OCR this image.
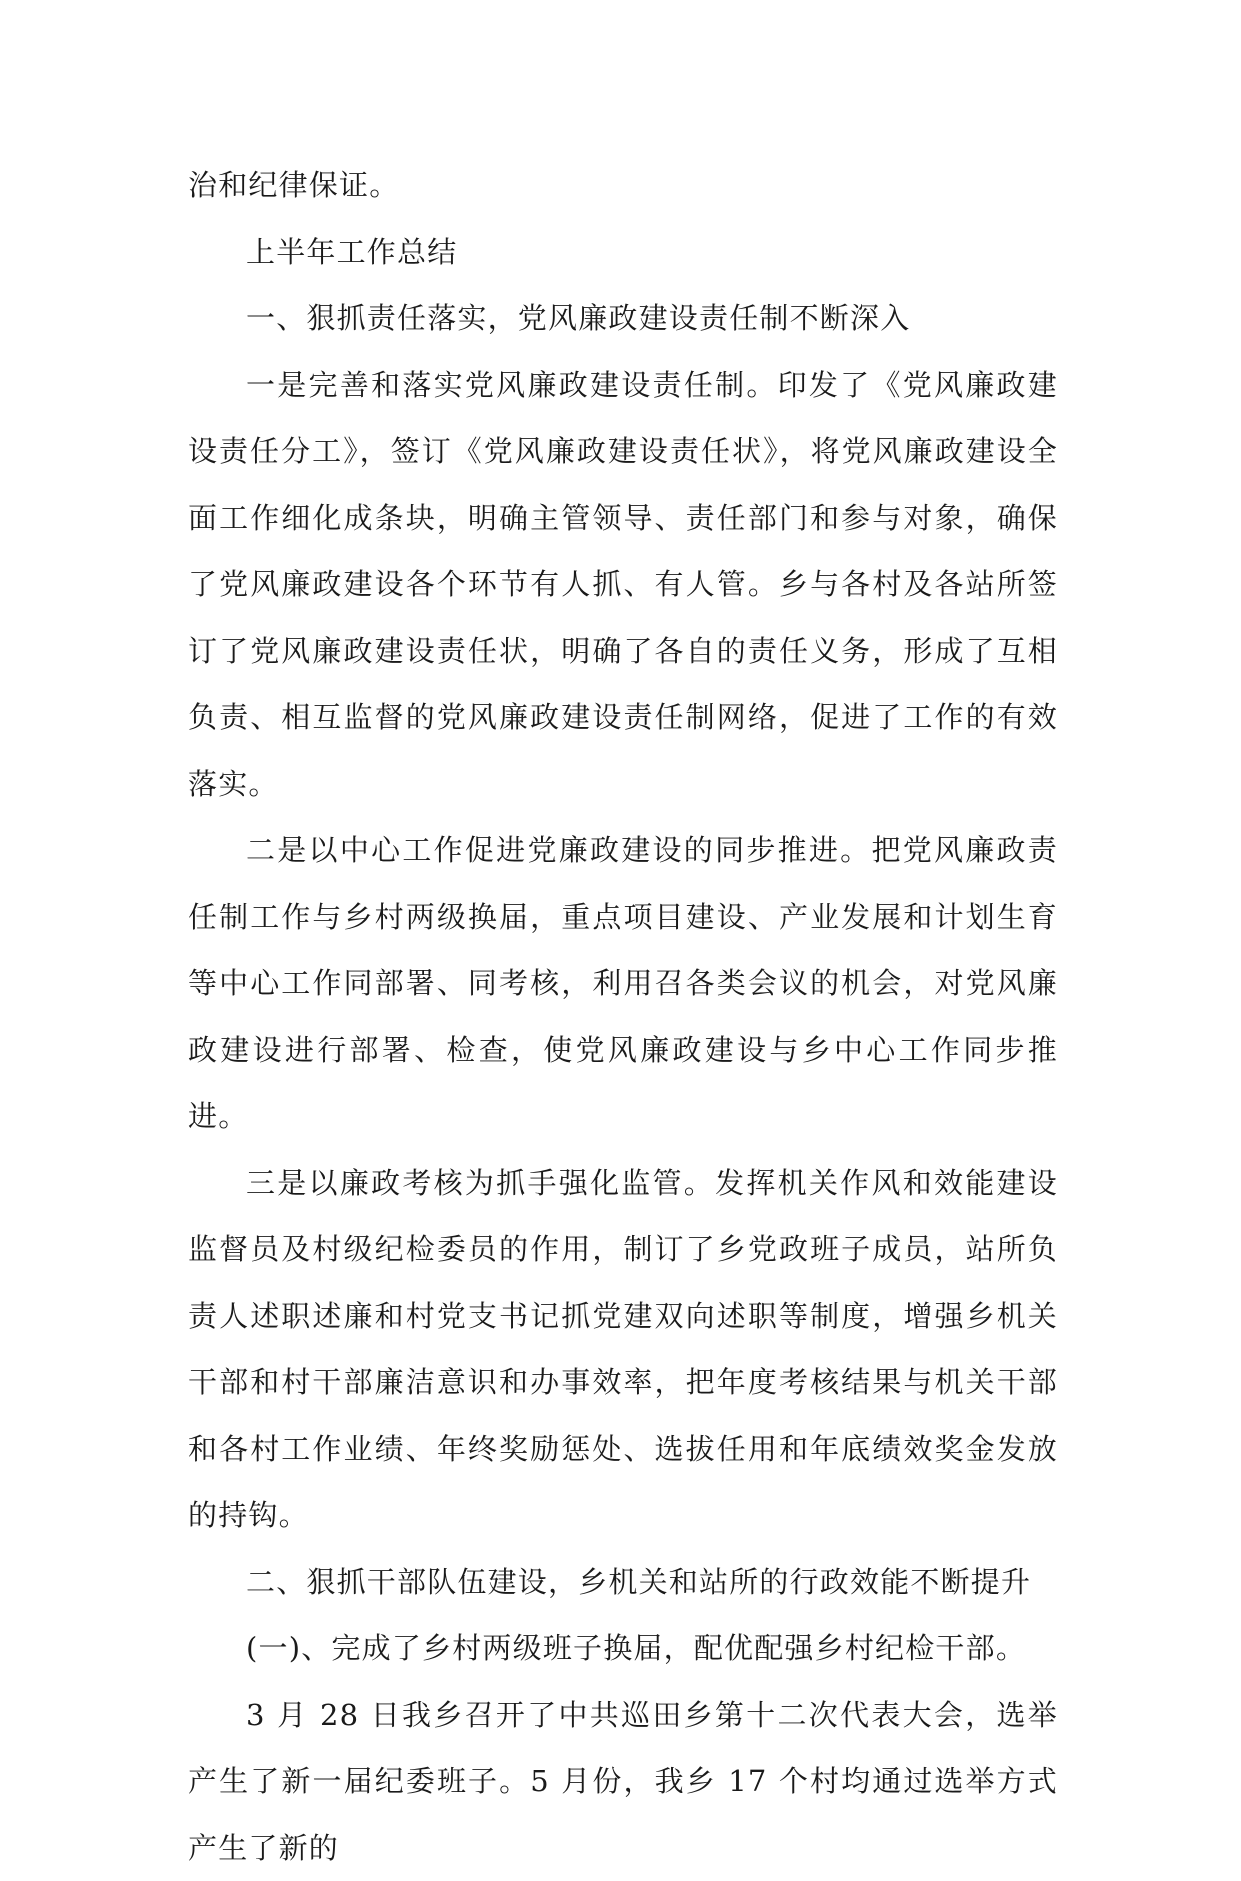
治和纪律保证。

上半年工作总结

一、狠抓责任落实，党风廉政建设责任制不断深入

一是完善和落实党风廉政建设责任制。印发了《党风廉政建设责任分工》，签订《党风廉政建设责任状》，将党风廉政建设全面工作细化成条块，明确主管领导、责任部门和参与对象，确保了党风廉政建设各个环节有人抓、有人管。乡与各村及各站所签订了党风廉政建设责任状，明确了各自的责任义务，形成了互相负责、相互监督的党风廉政建设责任制网络，促进了工作的有效落实。

二是以中心工作促进党廉政建设的同步推进。把党风廉政责任制工作与乡村两级换届，重点项目建设、产业发展和计划生育等中心工作同部署、同考核，利用召各类会议的机会，对党风廉政建设进行部署、检查，使党风廉政建设与乡中心工作同步推进。

三是以廉政考核为抓手强化监管。发挥机关作风和效能建设监督员及村级纪检委员的作用，制订了乡党政班子成员，站所负责人述职述廉和村党支书记抓党建双向述职等制度，增强乡机关干部和村干部廉洁意识和办事效率，把年度考核结果与机关干部和各村工作业绩、年终奖励惩处、选拔任用和年底绩效奖金发放的持钩。

二、狠抓干部队伍建设，乡机关和站所的行政效能不断提升

(一)、完成了乡村两级班子换届，配优配强乡村纪检干部。

3 月 28 日我乡召开了中共巡田乡第十二次代表大会，选举产生了新一届纪委班子。5 月份，我乡 17 个村均通过选举方式产生了新的
